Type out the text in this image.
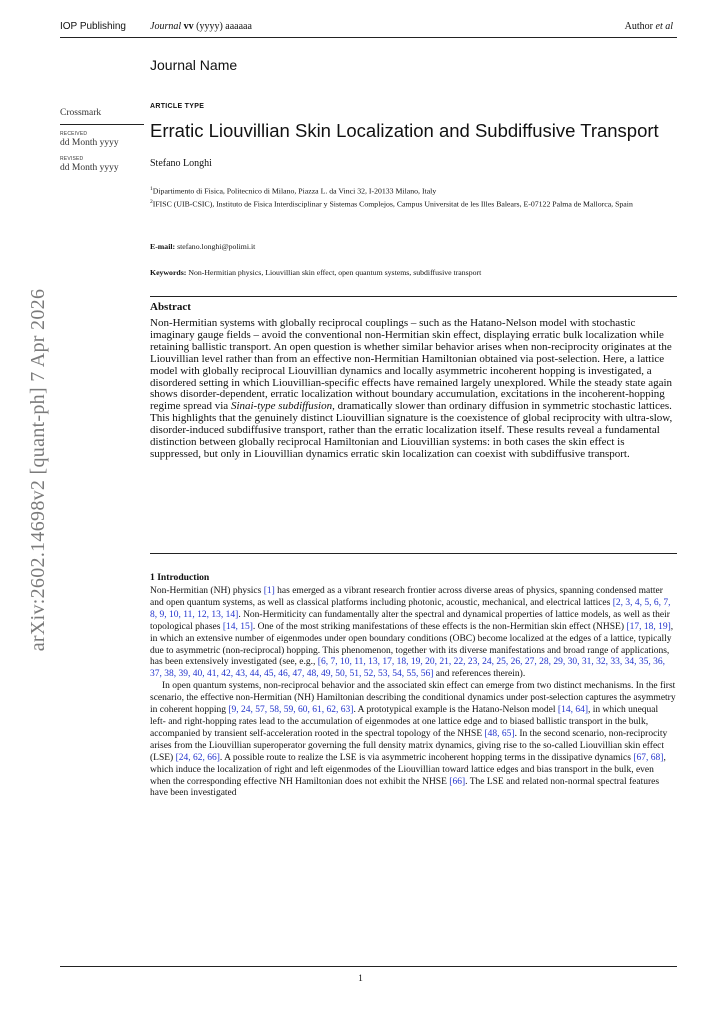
IOP Publishing Journal vv (yyyy) aaaaaa	Author et al
Journal Name
Crossmark
RECEIVED
dd Month yyyy
REVISED
dd Month yyyy
ARTICLE TYPE
Erratic Liouvillian Skin Localization and Subdiffusive Transport
Stefano Longhi
$^1$Dipartimento di Fisica, Politecnico di Milano, Piazza L. da Vinci 32, I-20133 Milano, Italy
$^2$IFISC (UIB-CSIC), Instituto de Fisica Interdisciplinar y Sistemas Complejos, Campus Universitat de les Illes Balears, E-07122 Palma de Mallorca, Spain
E-mail: stefano.longhi@polimi.it
Keywords: Non-Hermitian physics, Liouvillian skin effect, open quantum systems, subdiffusive transport
Abstract
Non-Hermitian systems with globally reciprocal couplings – such as the Hatano-Nelson model with stochastic imaginary gauge fields – avoid the conventional non-Hermitian skin effect, displaying erratic bulk localization while retaining ballistic transport. An open question is whether similar behavior arises when non-reciprocity originates at the Liouvillian level rather than from an effective non-Hermitian Hamiltonian obtained via post-selection. Here, a lattice model with globally reciprocal Liouvillian dynamics and locally asymmetric incoherent hopping is investigated, a disordered setting in which Liouvillian-specific effects have remained largely unexplored. While the steady state again shows disorder-dependent, erratic localization without boundary accumulation, excitations in the incoherent-hopping regime spread via Sinai-type subdiffusion, dramatically slower than ordinary diffusion in symmetric stochastic lattices. This highlights that the genuinely distinct Liouvillian signature is the coexistence of global reciprocity with ultra-slow, disorder-induced subdiffusive transport, rather than the erratic localization itself. These results reveal a fundamental distinction between globally reciprocal Hamiltonian and Liouvillian systems: in both cases the skin effect is suppressed, but only in Liouvillian dynamics erratic skin localization can coexist with subdiffusive transport.
1 Introduction

Non-Hermitian (NH) physics [1] has emerged as a vibrant research frontier across diverse areas of physics, spanning condensed matter and open quantum systems, as well as classical platforms including photonic, acoustic, mechanical, and electrical lattices [2, 3, 4, 5, 6, 7, 8, 9, 10, 11, 12, 13, 14]. Non-Hermiticity can fundamentally alter the spectral and dynamical properties of lattice models, as well as their topological phases [14, 15]. One of the most striking manifestations of these effects is the non-Hermitian skin effect (NHSE) [17, 18, 19], in which an extensive number of eigenmodes under open boundary conditions (OBC) become localized at the edges of a lattice, typically due to asymmetric (non-reciprocal) hopping. This phenomenon, together with its diverse manifestations and broad range of applications, has been extensively investigated (see, e.g., [6, 7, 10, 11, 13, 17, 18, 19, 20, 21, 22, 23, 24, 25, 26, 27, 28, 29, 30, 31, 32, 33, 34, 35, 36, 37, 38, 39, 40, 41, 42, 43, 44, 45, 46, 47, 48, 49, 50, 51, 52, 53, 54, 55, 56] and references therein).

In open quantum systems, non-reciprocal behavior and the associated skin effect can emerge from two distinct mechanisms. In the first scenario, the effective non-Hermitian (NH) Hamiltonian describing the conditional dynamics under post-selection captures the asymmetry in coherent hopping [9, 24, 57, 58, 59, 60, 61, 62, 63]. A prototypical example is the Hatano-Nelson model [14, 64], in which unequal left- and right-hopping rates lead to the accumulation of eigenmodes at one lattice edge and to biased ballistic transport in the bulk, accompanied by transient self-acceleration rooted in the spectral topology of the NHSE [48, 65]. In the second scenario, non-reciprocity arises from the Liouvillian superoperator governing the full density matrix dynamics, giving rise to the so-called Liouvillian skin effect (LSE) [24, 62, 66]. A possible route to realize the LSE is via asymmetric incoherent hopping terms in the dissipative dynamics [67, 68], which induce the localization of right and left eigenmodes of the Liouvillian toward lattice edges and bias transport in the bulk, even when the corresponding effective NH Hamiltonian does not exhibit the NHSE [66]. The LSE and related non-normal spectral features have been investigated

1
arXiv:2602.14698v2 [quant-ph] 7 Apr 2026
